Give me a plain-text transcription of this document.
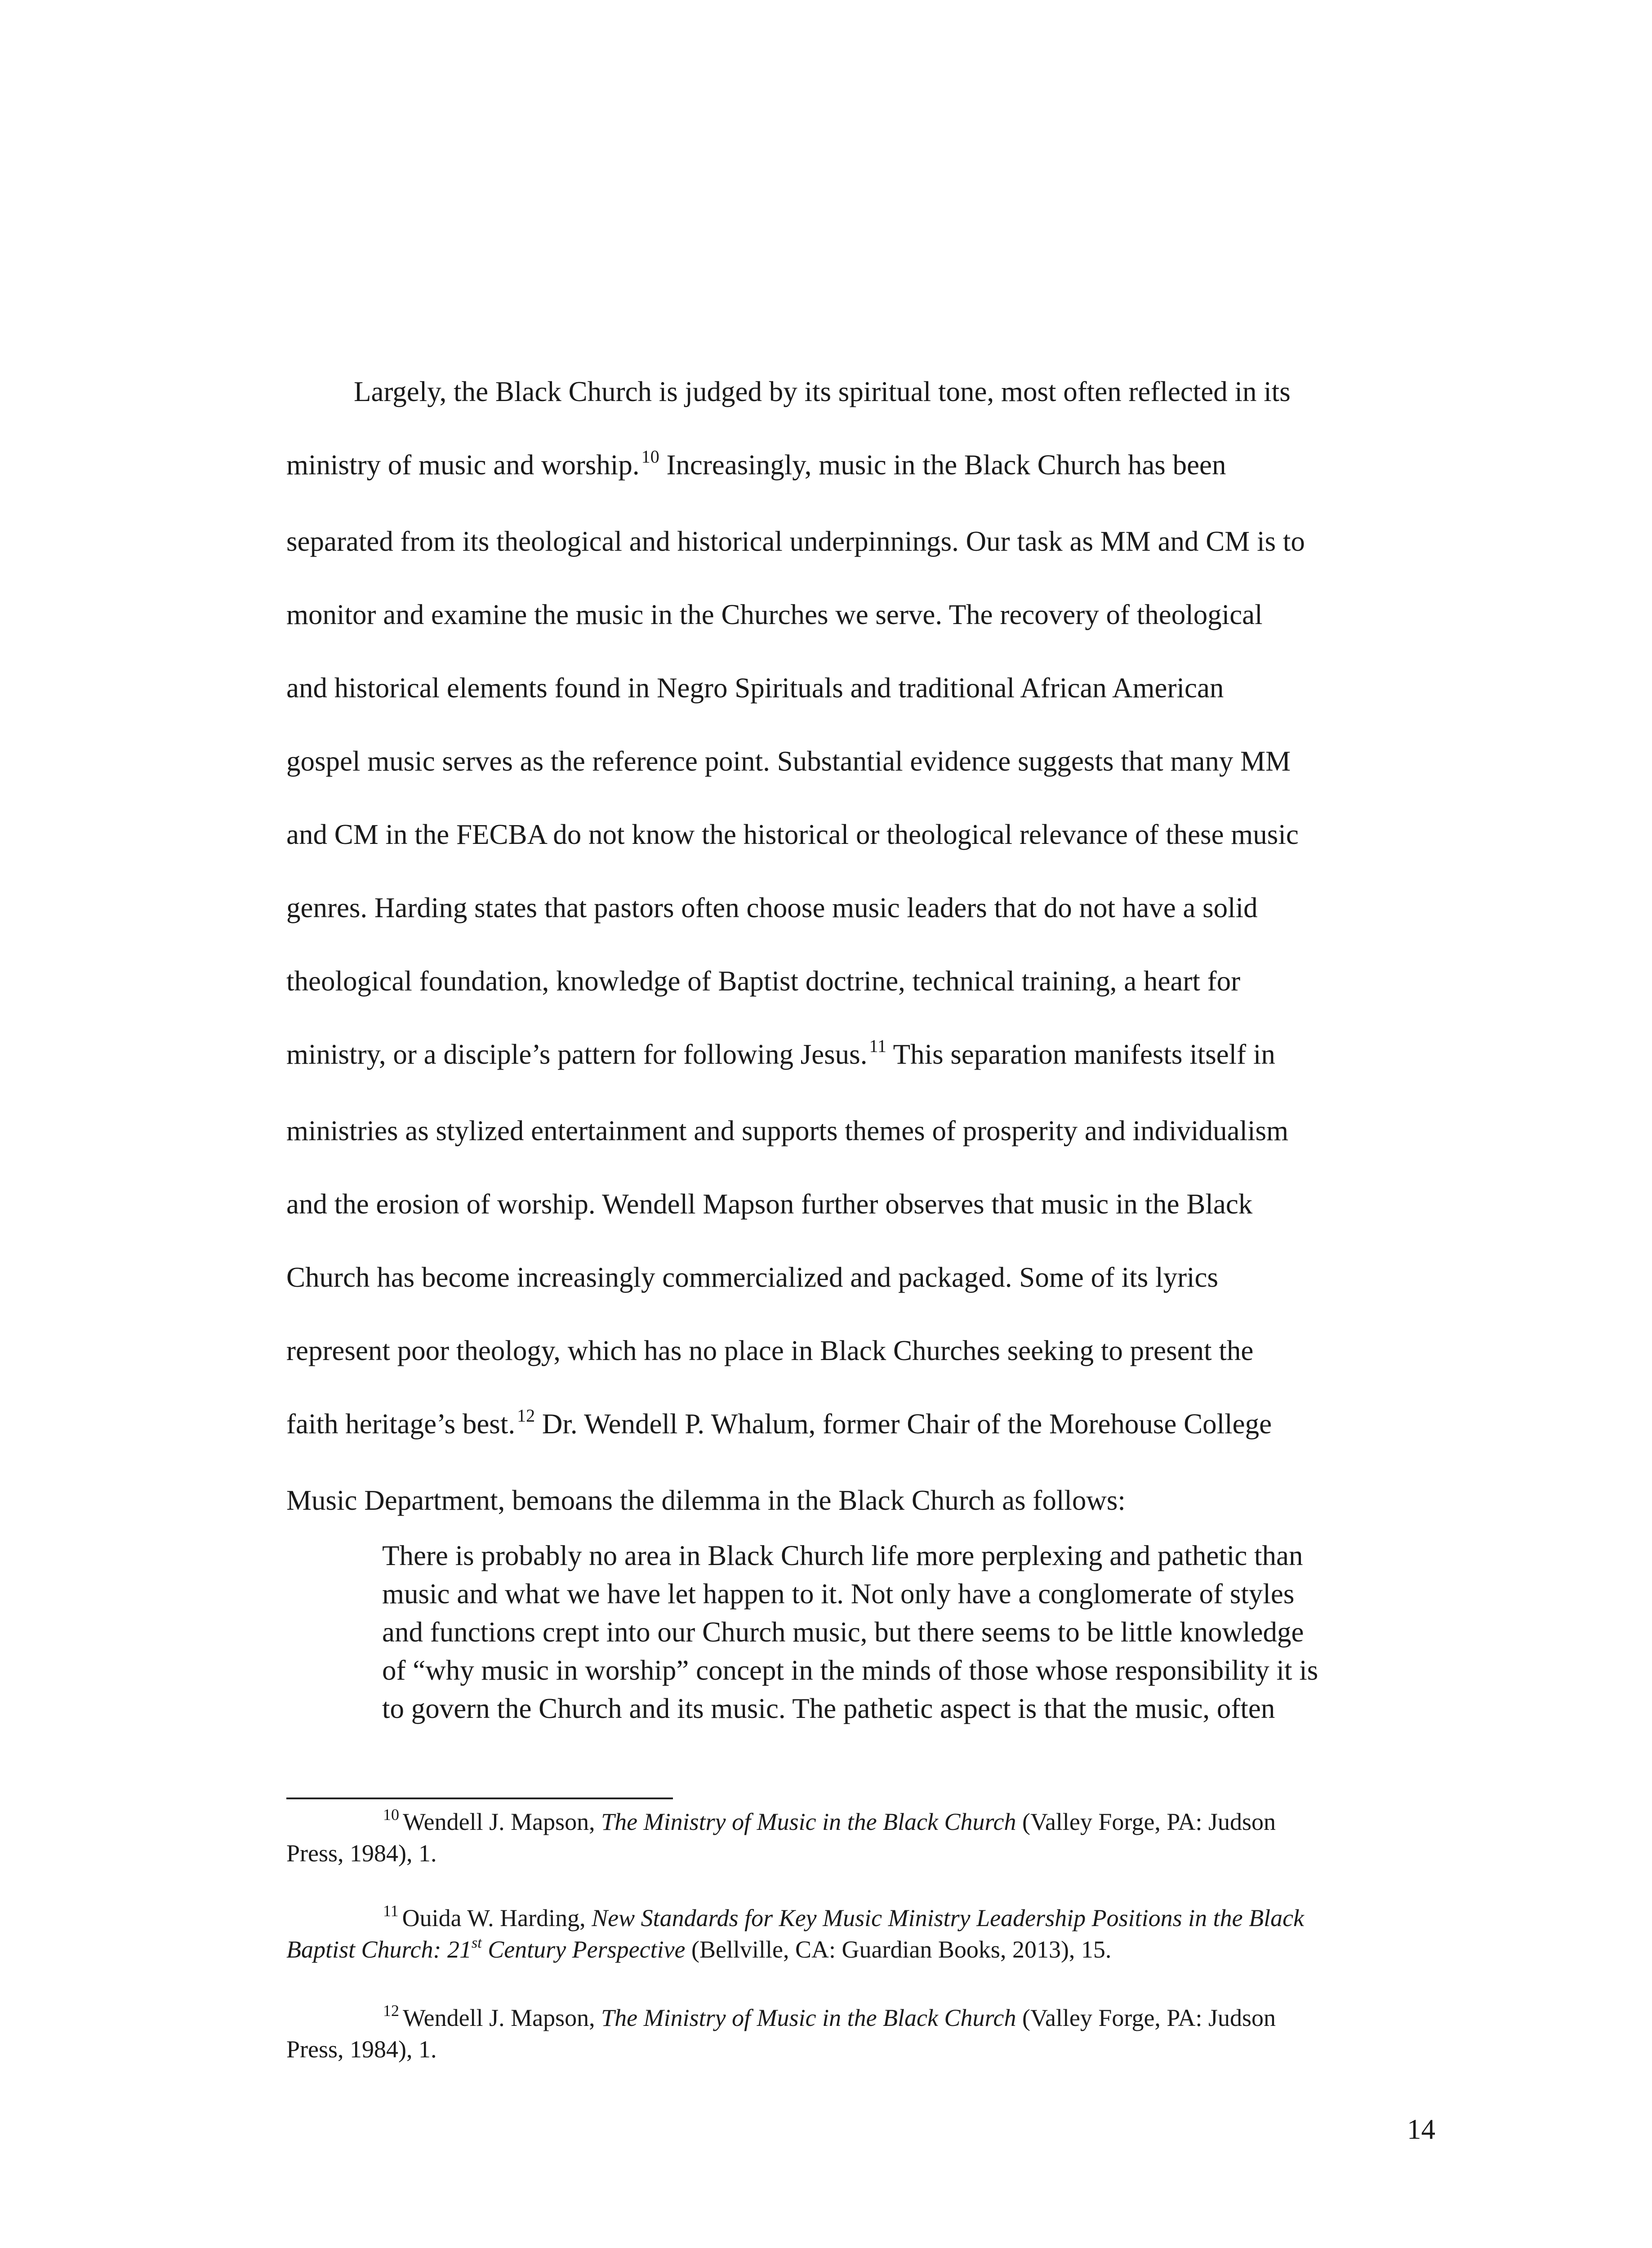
Largely, the Black Church is judged by its spiritual tone, most often reflected in its
ministry of music and worship. $^{10}$ Increasingly, music in the Black Church has been
separated from its theological and historical underpinnings. Our task as MM and CM is to
monitor and examine the music in the Churches we serve. The recovery of theological
and historical elements found in Negro Spirituals and traditional African American
gospel music serves as the reference point. Substantial evidence suggests that many MM
and CM in the FECBA do not know the historical or theological relevance of these music
genres. Harding states that pastors often choose music leaders that do not have a solid
theological foundation, knowledge of Baptist doctrine, technical training, a heart for
ministry, or a disciple’s pattern for following Jesus. $^{11}$ This separation manifests itself in
ministries as stylized entertainment and supports themes of prosperity and individualism
and the erosion of worship. Wendell Mapson further observes that music in the Black
Church has become increasingly commercialized and packaged. Some of its lyrics
represent poor theology, which has no place in Black Churches seeking to present the
faith heritage’s best. $^{12}$ Dr. Wendell P. Whalum, former Chair of the Morehouse College
Music Department, bemoans the dilemma in the Black Church as follows:

There is probably no area in Black Church life more perplexing and pathetic than
music and what we have let happen to it. Not only have a conglomerate of styles
and functions crept into our Church music, but there seems to be little knowledge
of “why music in worship” concept in the minds of those whose responsibility it is
to govern the Church and its music. The pathetic aspect is that the music, often
$^{10}$ Wendell J. Mapson, The Ministry of Music in the Black Church (Valley Forge, PA: Judson
Press, 1984), 1.
$^{11}$ Ouida W. Harding, New Standards for Key Music Ministry Leadership Positions in the Black
Baptist Church: 21st Century Perspective (Bellville, CA: Guardian Books, 2013), 15.
$^{12}$ Wendell J. Mapson, The Ministry of Music in the Black Church (Valley Forge, PA: Judson
Press, 1984), 1.
14
